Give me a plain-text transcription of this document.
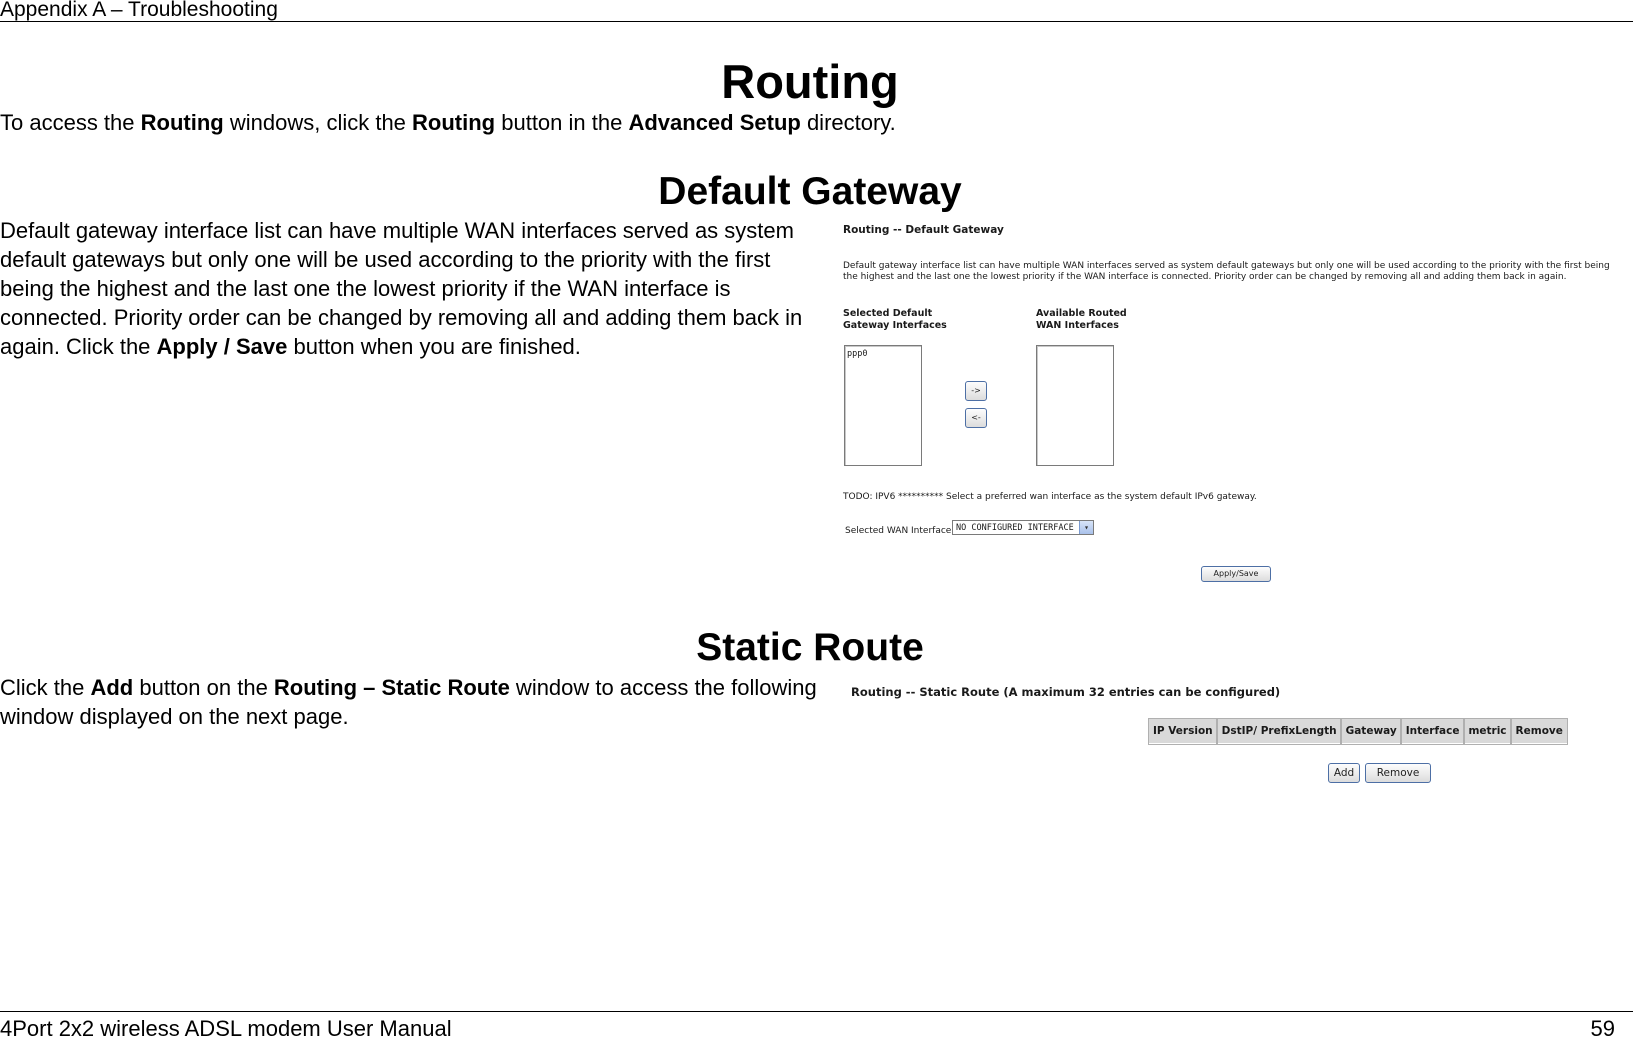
Appendix A – Troubleshooting
Routing
To access the Routing windows, click the Routing button in the Advanced Setup directory.
Default Gateway
Default gateway interface list can have multiple WAN interfaces served as system default gateways but only one will be used according to the priority with the first being the highest and the last one the lowest priority if the WAN interface is connected. Priority order can be changed by removing all and adding them back in again. Click the Apply / Save button when you are finished.
Routing -- Default Gateway
Default gateway interface list can have multiple WAN interfaces served as system default gateways but only one will be used according to the priority with the first being the highest and the last one the lowest priority if the WAN interface is connected. Priority order can be changed by removing all and adding them back in again.
Selected Default Gateway Interfaces
Available Routed WAN Interfaces
ppp0
->
<-
TODO: IPV6 ********** Select a preferred wan interface as the system default IPv6 gateway.
Selected WAN Interface NO CONFIGURED INTERFACE	▾
Apply/Save
Static Route
Click the Add button on the Routing – Static Route window to access the following window displayed on the next page.
Routing -- Static Route (A maximum 32 entries can be configured)
IP Version	DstIP/ PrefixLength	Gateway	Interface	metric	Remove
Add	Remove
4Port 2x2 wireless ADSL modem User Manual	59
